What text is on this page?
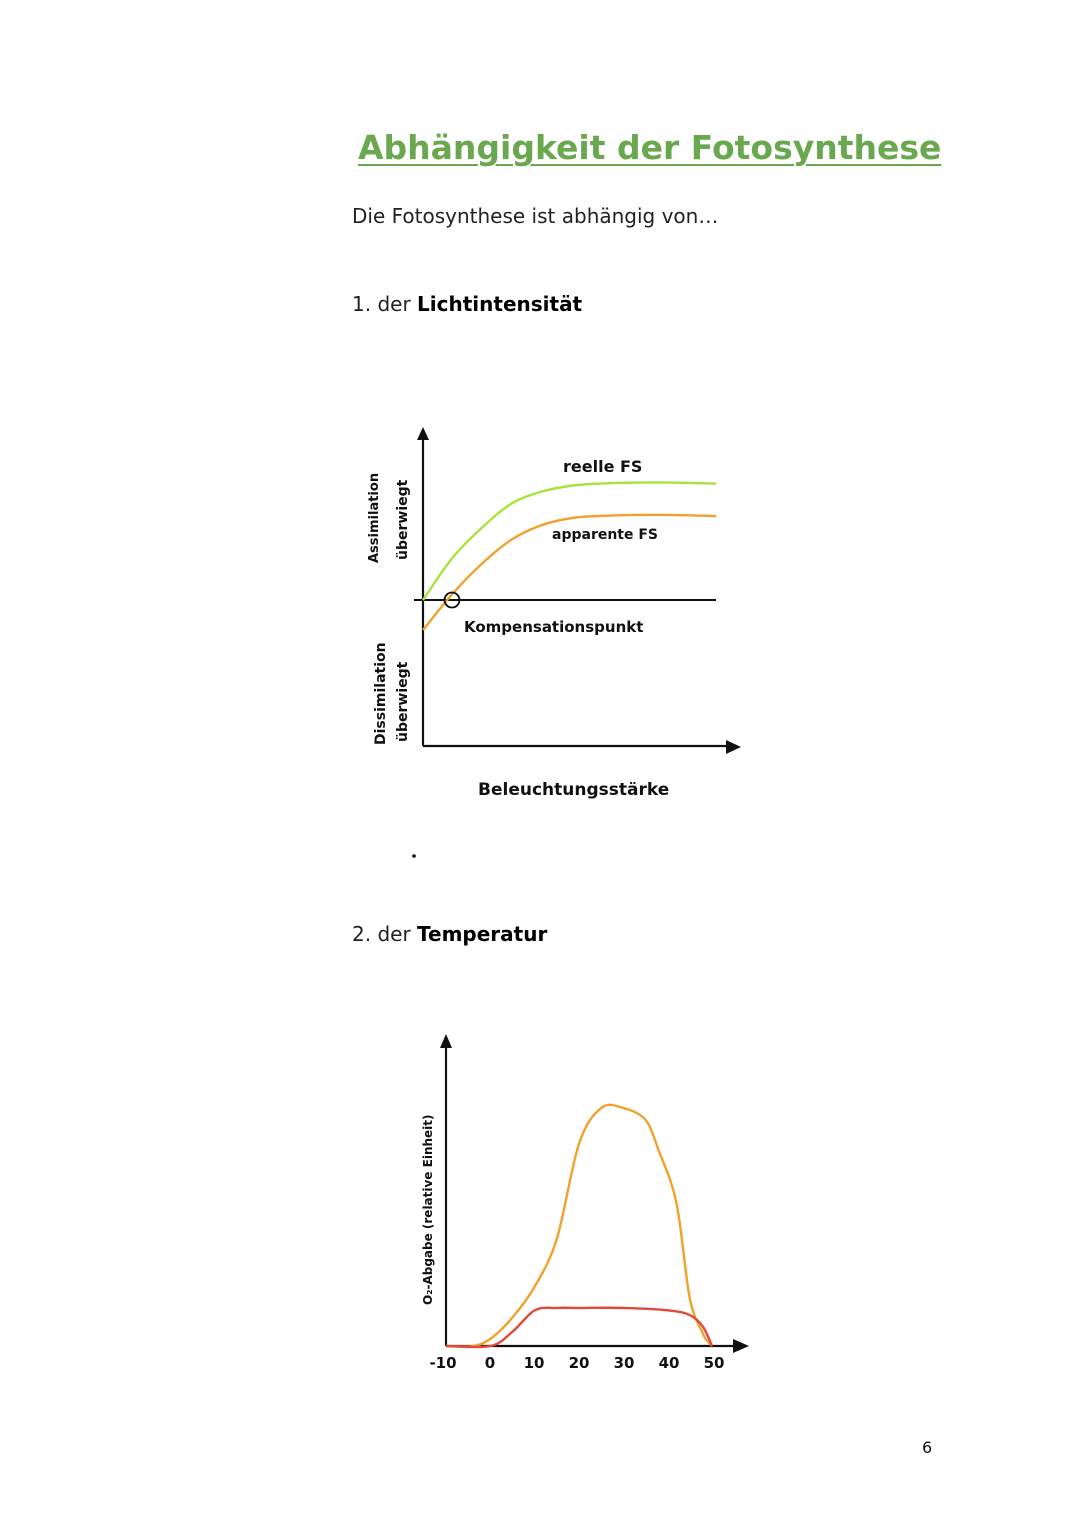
Abhängigkeit der Fotosynthese
Die Fotosynthese ist abhängig von…
1. der Lichtintensität
reelle FS
apparente FS
Kompensationspunkt
Beleuchtungsstärke
Assimilation überwiegt
Dissimilation überwiegt
-10 0 10 20 30 40 50
O₂-Abgabe (relative Einheit)
2. der Temperatur
6
